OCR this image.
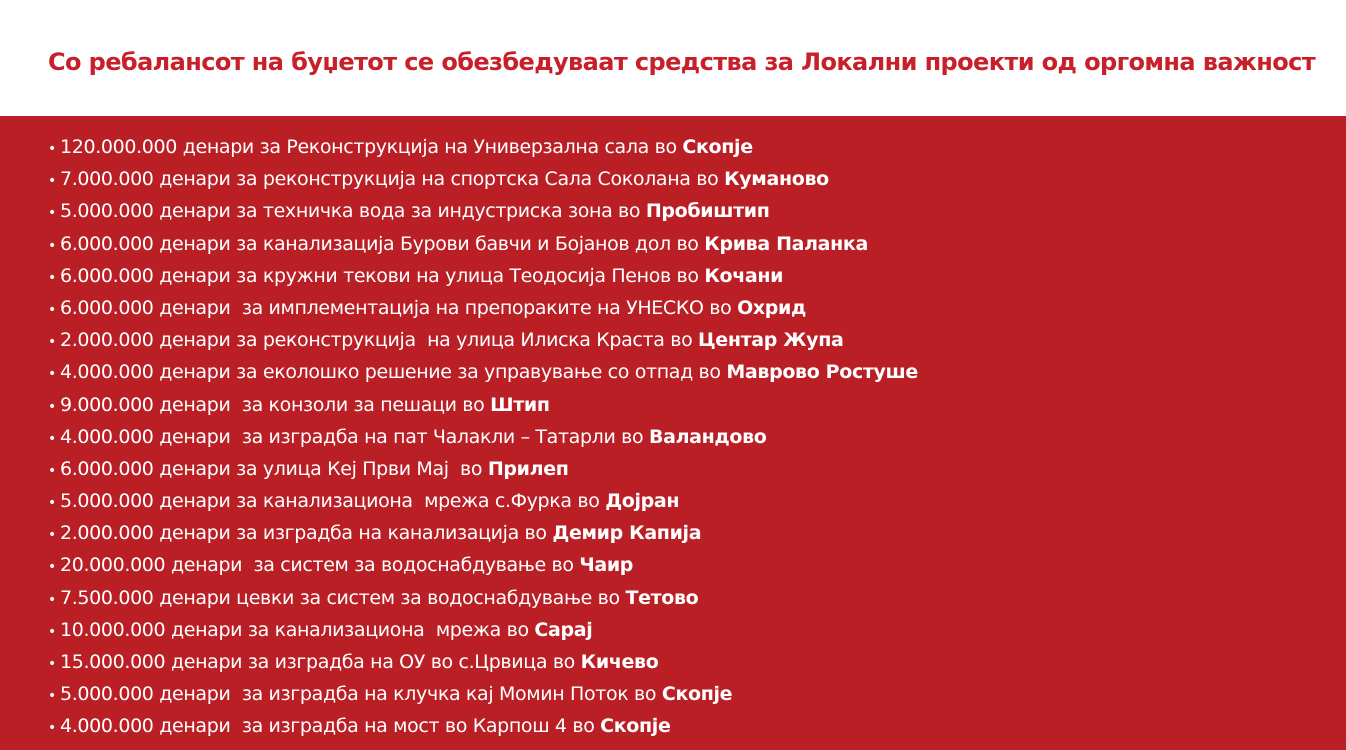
Со ребалансот на буџетот се обезбедуваат средства за Локални проекти од оргомна важност
• 120.000.000 денари за Реконструкција на Универзална сала во Скопје
• 7.000.000 денари за реконструкција на спортска Сала Соколана во Куманово
• 5.000.000 денари за техничка вода за индустриска зона во Пробиштип
• 6.000.000 денари за канализација Бурови бавчи и Бојанов дол во Крива Паланка
• 6.000.000 денари за кружни текови на улица Теодосија Пенов во Кочани
• 6.000.000 денари  за имплементација на препораките на УНЕСКО во Охрид
• 2.000.000 денари за реконструкција  на улица Илиска Краста во Центар Жупа
• 4.000.000 денари за еколошко решение за управување со отпад во Маврово Ростуше
• 9.000.000 денари  за конзоли за пешаци во Штип
• 4.000.000 денари  за изградба на пат Чалакли – Татарли во Валандово
• 6.000.000 денари за улица Кеј Први Мај  во Прилеп
• 5.000.000 денари за канализациона  мрежа с.Фурка во Дојран
• 2.000.000 денари за изградба на канализација во Демир Капија
• 20.000.000 денари  за систем за водоснабдување во Чаир
• 7.500.000 денари цевки за систем за водоснабдување во Тетово
• 10.000.000 денари за канализациона  мрежа во Сарај
• 15.000.000 денари за изградба на ОУ во с.Црвица во Кичево
• 5.000.000 денари  за изградба на клучка кај Момин Поток во Скопје
• 4.000.000 денари  за изградба на мост во Карпош 4 во Скопје
